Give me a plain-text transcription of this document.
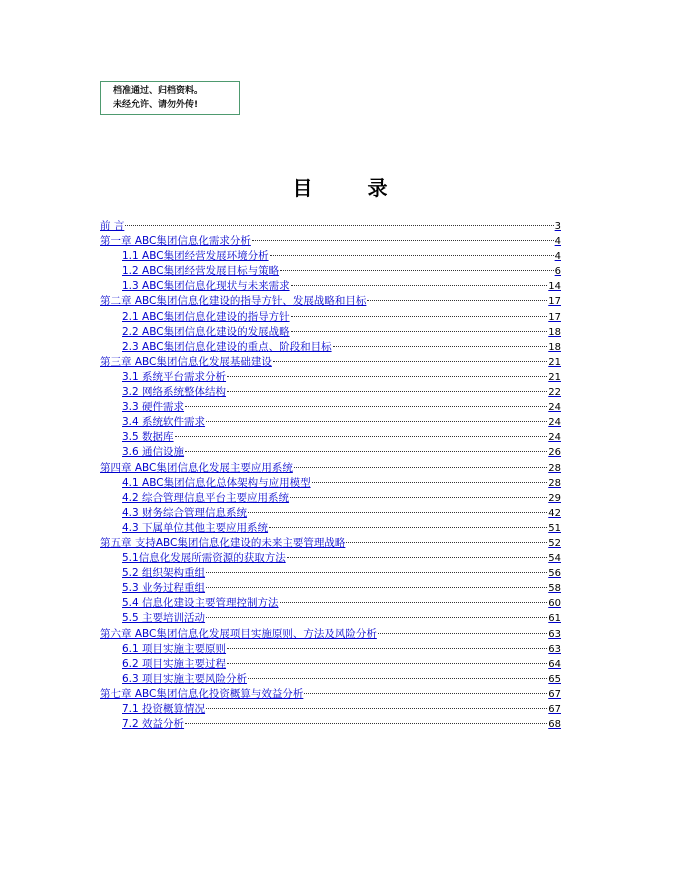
档准通过、归档资料。
未经允许、请勿外传!
目 录
前 言	3
第一章 ABC集团信息化需求分析	4
1.1 ABC集团经营发展环境分析	4
1.2 ABC集团经营发展目标与策略	6
1.3 ABC集团信息化现状与未来需求	14
第二章 ABC集团信息化建设的指导方针、发展战略和目标	17
2.1 ABC集团信息化建设的指导方针	17
2.2 ABC集团信息化建设的发展战略	18
2.3 ABC集团信息化建设的重点、阶段和目标	18
第三章 ABC集团信息化发展基础建设	21
3.1 系统平台需求分析	21
3.2 网络系统整体结构	22
3.3 硬件需求	24
3.4 系统软件需求	24
3.5 数据库	24
3.6 通信设施	26
第四章 ABC集团信息化发展主要应用系统	28
4.1 ABC集团信息化总体架构与应用模型	28
4.2 综合管理信息平台主要应用系统	29
4.3 财务综合管理信息系统	42
4.3 下属单位其他主要应用系统	51
第五章 支持ABC集团信息化建设的未来主要管理战略	52
5.1信息化发展所需资源的获取方法	54
5.2 组织架构重组	56
5.3 业务过程重组	58
5.4 信息化建设主要管理控制方法	60
5.5 主要培训活动	61
第六章 ABC集团信息化发展项目实施原则、方法及风险分析	63
6.1 项目实施主要原则	63
6.2 项目实施主要过程	64
6.3 项目实施主要风险分析	65
第七章 ABC集团信息化投资概算与效益分析	67
7.1 投资概算情况	67
7.2 效益分析	68
